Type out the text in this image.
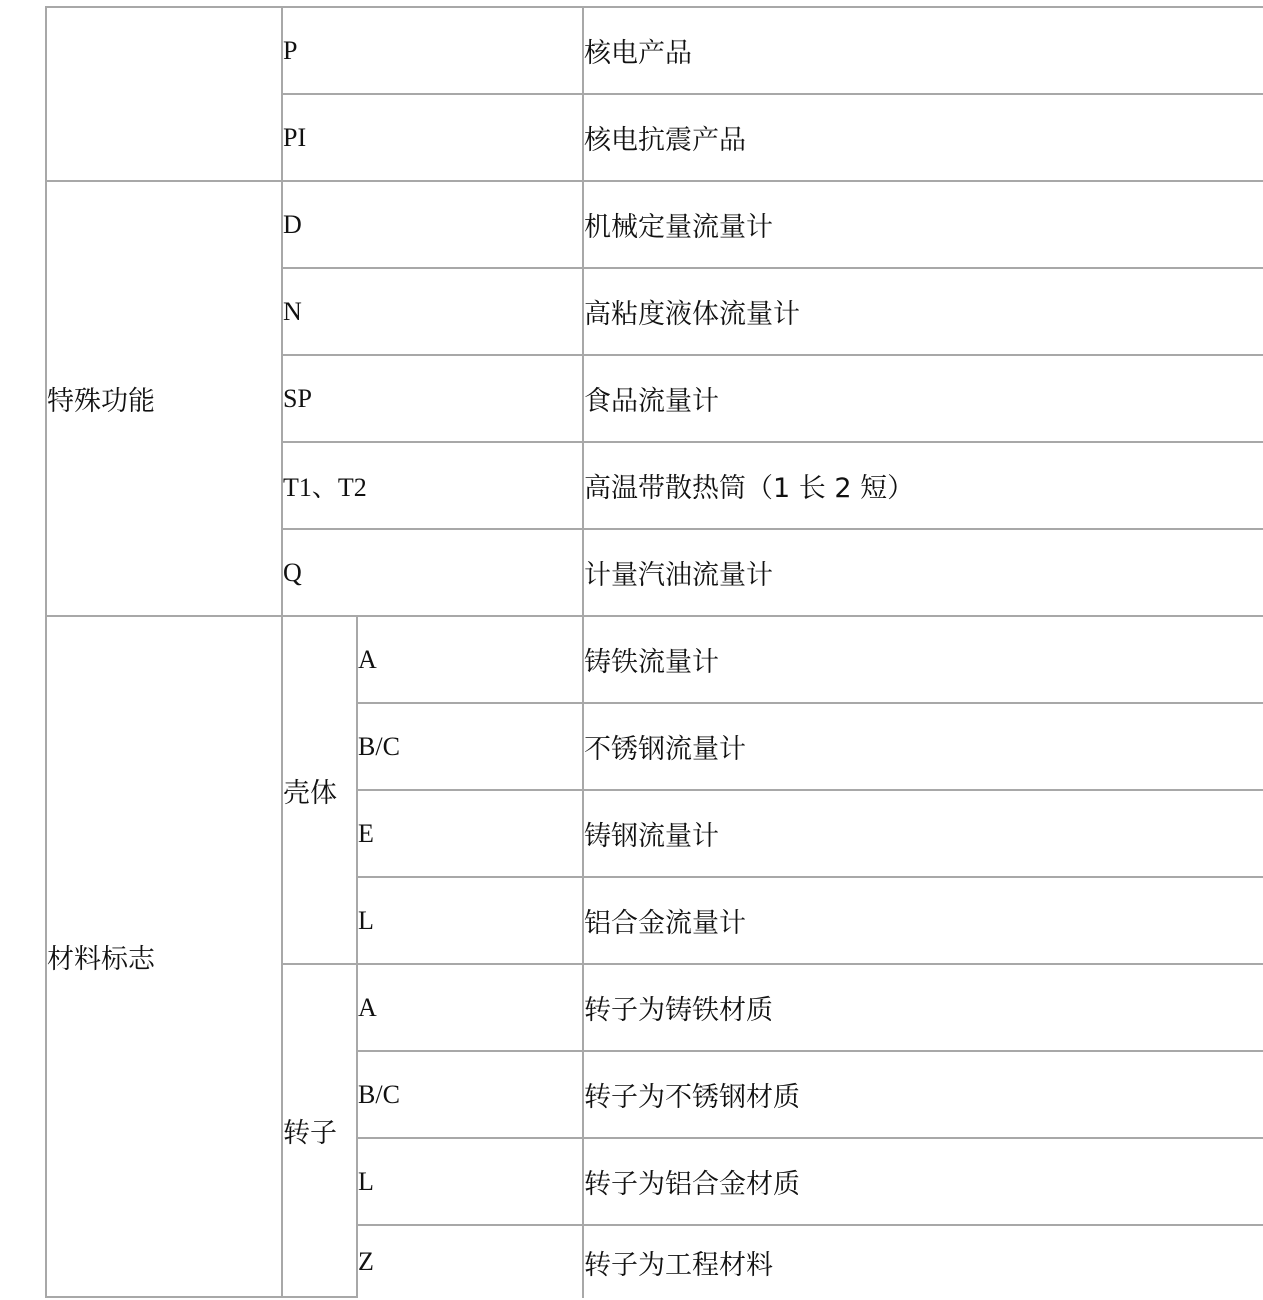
	P		核电产品
	PI		核电抗震产品
特殊功能	D		机械定量流量计
	N		高粘度液体流量计
	SP		食品流量计
	T1、T2		高温带散热筒（1 长 2 短）
	Q		计量汽油流量计
材料标志	壳体	A	铸铁流量计
		B/C	不锈钢流量计
		E	铸钢流量计
		L	铝合金流量计
	转子	A	转子为铸铁材质
		B/C	转子为不锈钢材质
		L	转子为铝合金材质
		Z	转子为工程材料
